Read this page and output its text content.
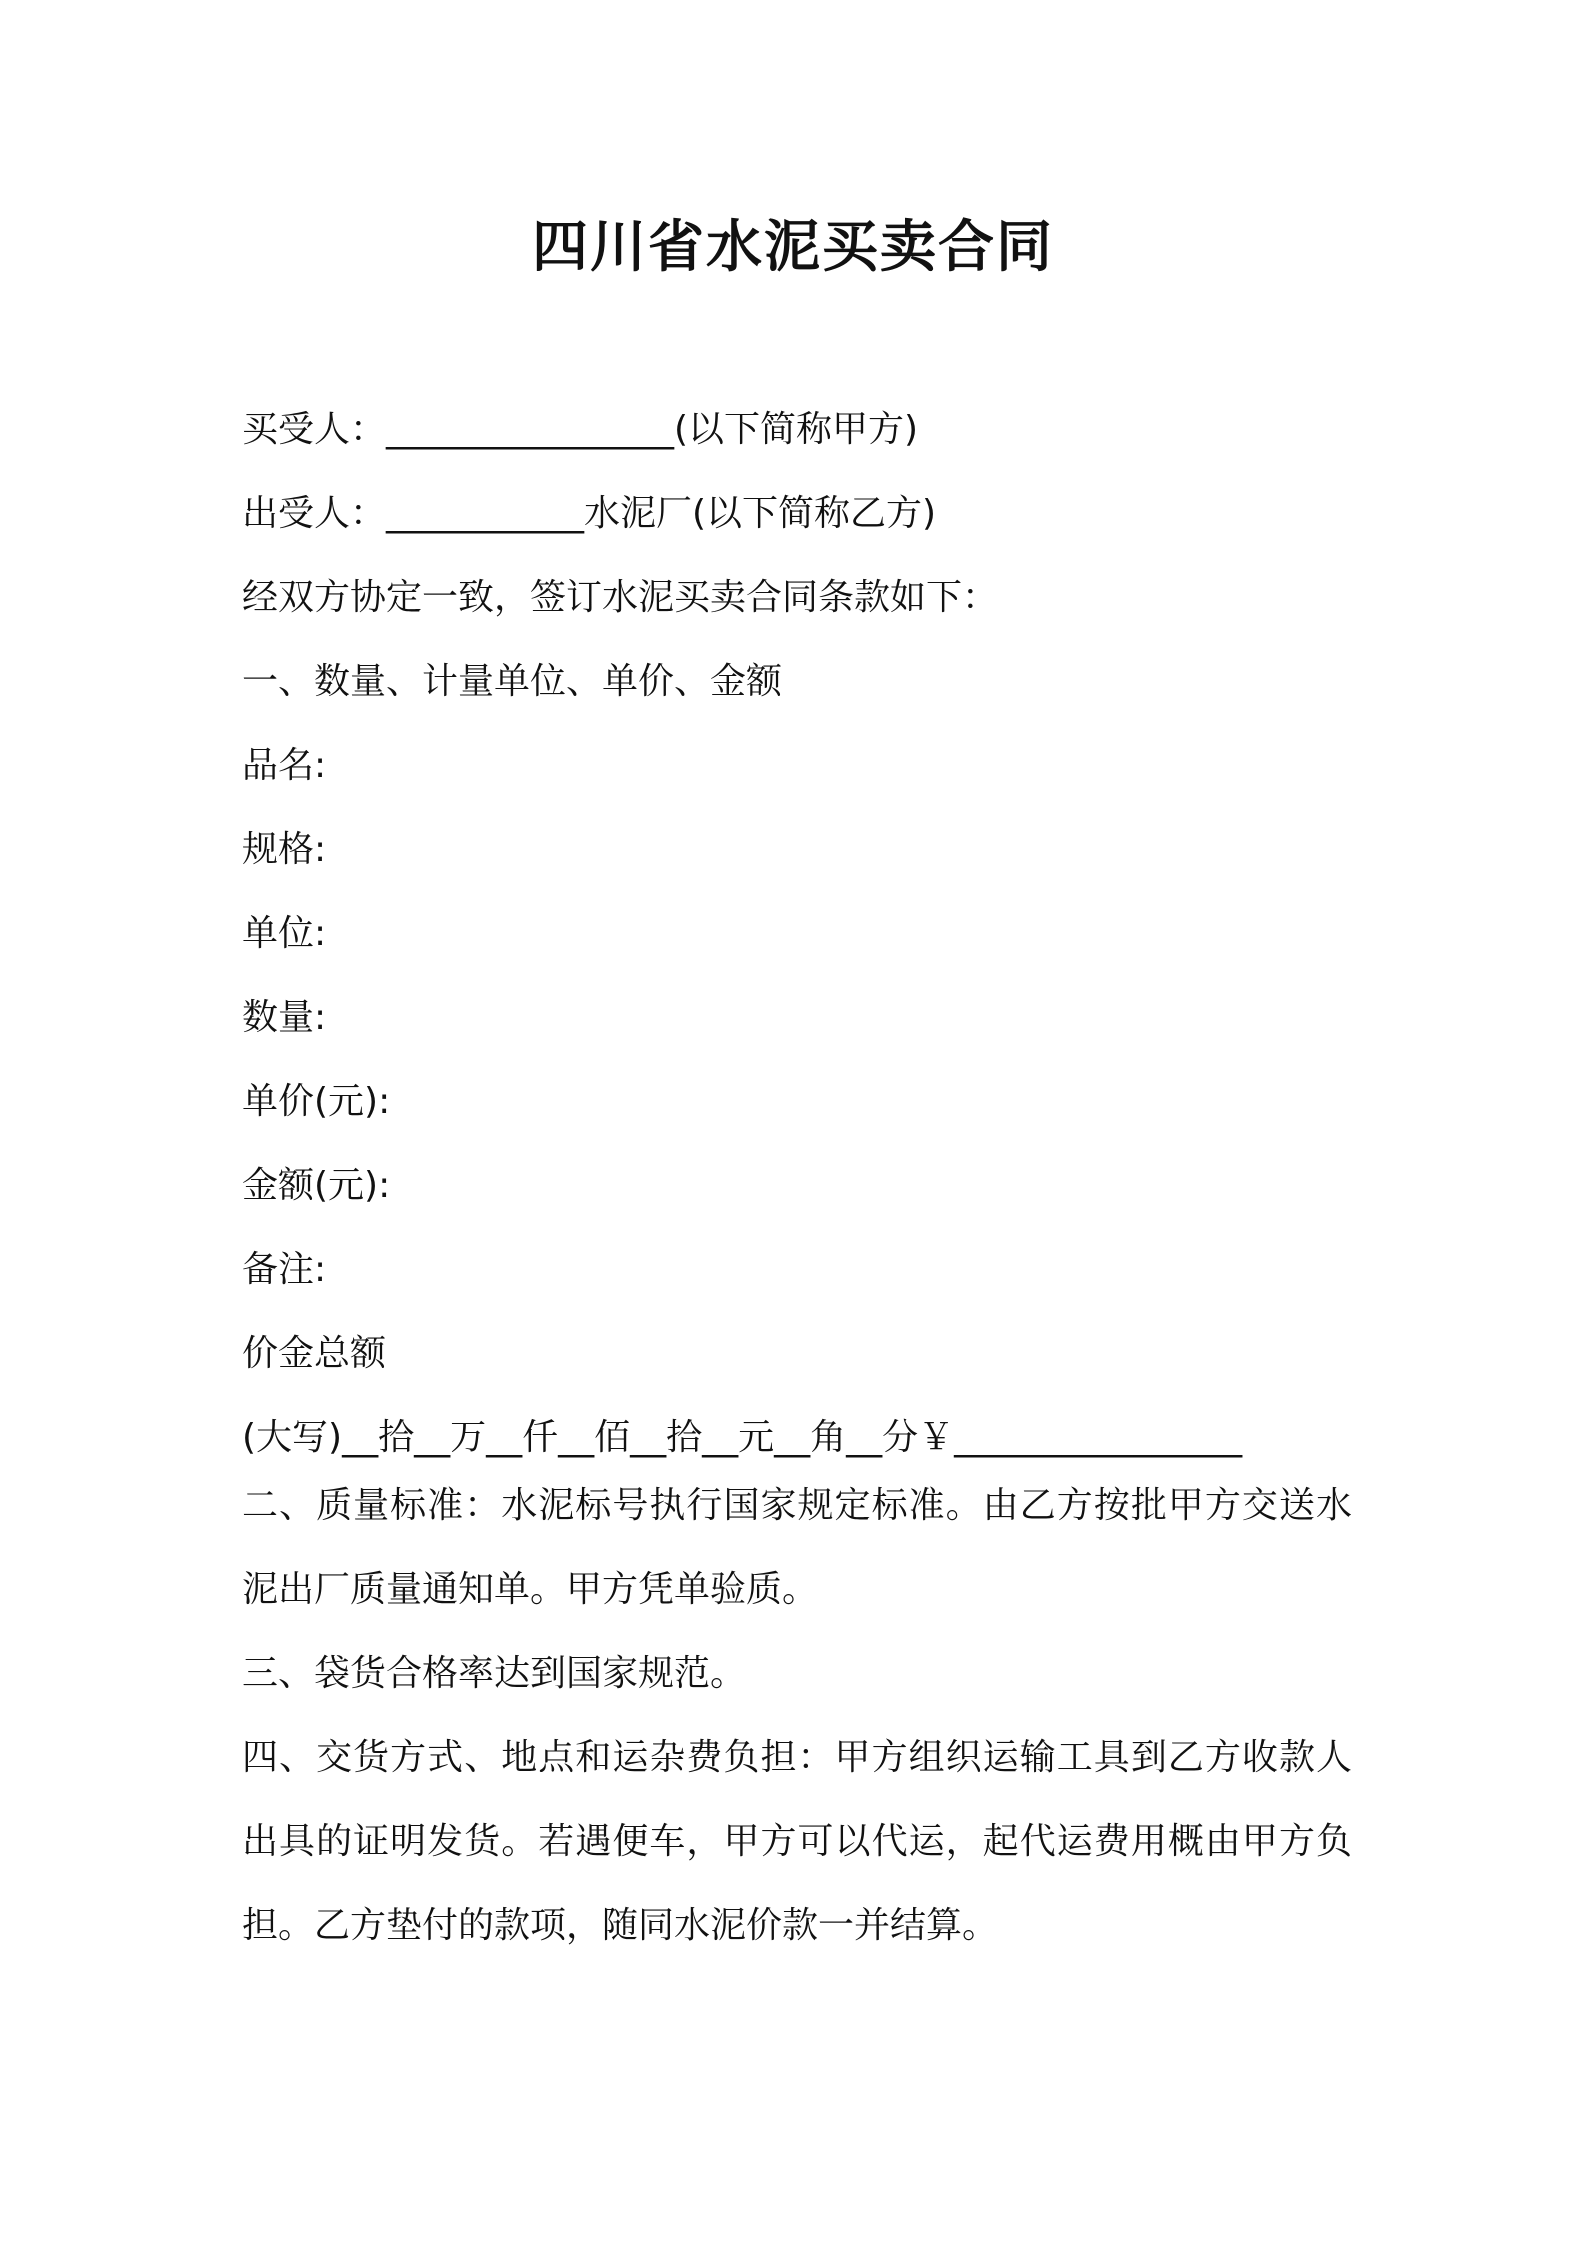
四川省水泥买卖合同
买受人：________________(以下简称甲方)
出受人：___________水泥厂(以下简称乙方)
经双方协定一致，签订水泥买卖合同条款如下：
一、数量、计量单位、单价、金额
品名:
规格:
单位:
数量:
单价(元):
金额(元):
备注:
价金总额
(大写)__拾__万__仟__佰__拾__元__角__分￥________________
二、质量标准：水泥标号执行国家规定标准。由乙方按批甲方交送水泥出厂质量通知单。甲方凭单验质。
三、袋货合格率达到国家规范。
四、交货方式、地点和运杂费负担：甲方组织运输工具到乙方收款人出具的证明发货。若遇便车，甲方可以代运，起代运费用概由甲方负担。乙方垫付的款项，随同水泥价款一并结算。
